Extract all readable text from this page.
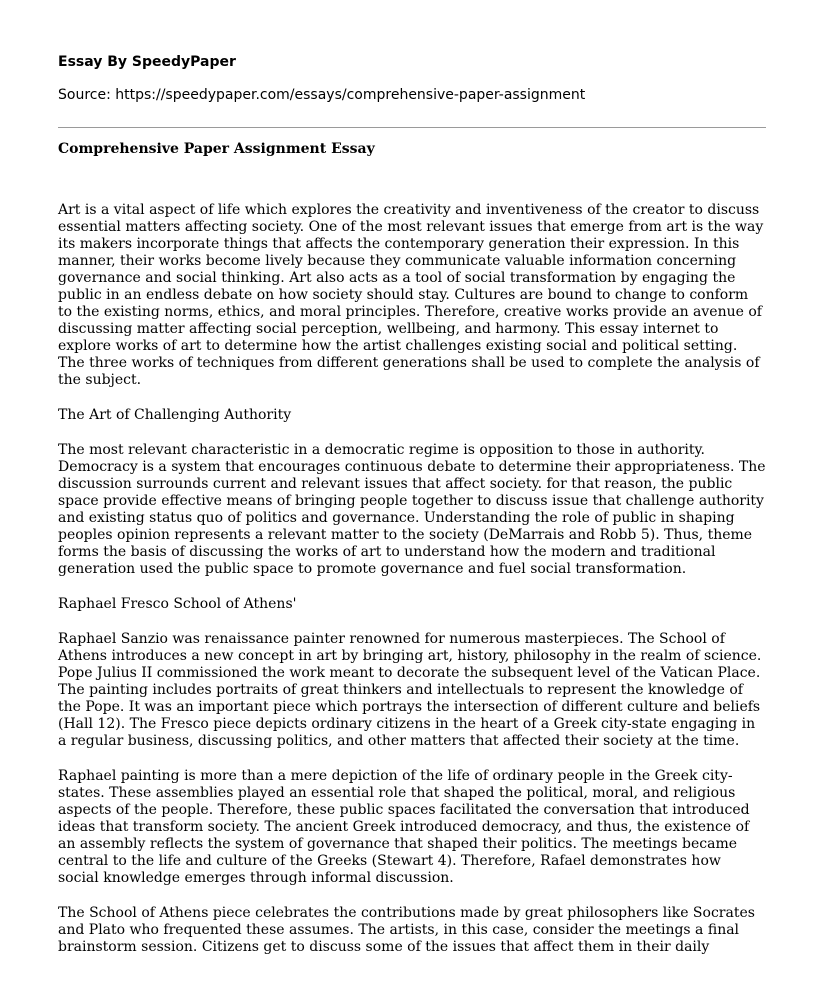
Essay By SpeedyPaper

Source: https://speedypaper.com/essays/comprehensive-paper-assignment

Comprehensive Paper Assignment Essay

Art is a vital aspect of life which explores the creativity and inventiveness of the creator to discuss essential matters affecting society. One of the most relevant issues that emerge from art is the way its makers incorporate things that affects the contemporary generation their expression. In this manner, their works become lively because they communicate valuable information concerning governance and social thinking. Art also acts as a tool of social transformation by engaging the public in an endless debate on how society should stay. Cultures are bound to change to conform to the existing norms, ethics, and moral principles. Therefore, creative works provide an avenue of discussing matter affecting social perception, wellbeing, and harmony. This essay internet to explore works of art to determine how the artist challenges existing social and political setting. The three works of techniques from different generations shall be used to complete the analysis of the subject.

The Art of Challenging Authority

The most relevant characteristic in a democratic regime is opposition to those in authority. Democracy is a system that encourages continuous debate to determine their appropriateness. The discussion surrounds current and relevant issues that affect society. for that reason, the public space provide effective means of bringing people together to discuss issue that challenge authority and existing status quo of politics and governance. Understanding the role of public in shaping peoples opinion represents a relevant matter to the society (DeMarrais and Robb 5). Thus, theme forms the basis of discussing the works of art to understand how the modern and traditional generation used the public space to promote governance and fuel social transformation.

Raphael Fresco School of Athens'

Raphael Sanzio was renaissance painter renowned for numerous masterpieces. The School of Athens introduces a new concept in art by bringing art, history, philosophy in the realm of science. Pope Julius II commissioned the work meant to decorate the subsequent level of the Vatican Place. The painting includes portraits of great thinkers and intellectuals to represent the knowledge of the Pope. It was an important piece which portrays the intersection of different culture and beliefs (Hall 12). The Fresco piece depicts ordinary citizens in the heart of a Greek city-state engaging in a regular business, discussing politics, and other matters that affected their society at the time.

Raphael painting is more than a mere depiction of the life of ordinary people in the Greek city-states. These assemblies played an essential role that shaped the political, moral, and religious aspects of the people. Therefore, these public spaces facilitated the conversation that introduced ideas that transform society. The ancient Greek introduced democracy, and thus, the existence of an assembly reflects the system of governance that shaped their politics. The meetings became central to the life and culture of the Greeks (Stewart 4). Therefore, Rafael demonstrates how social knowledge emerges through informal discussion.

The School of Athens piece celebrates the contributions made by great philosophers like Socrates and Plato who frequented these assumes. The artists, in this case, consider the meetings a final brainstorm session. Citizens get to discuss some of the issues that affect them in their daily
